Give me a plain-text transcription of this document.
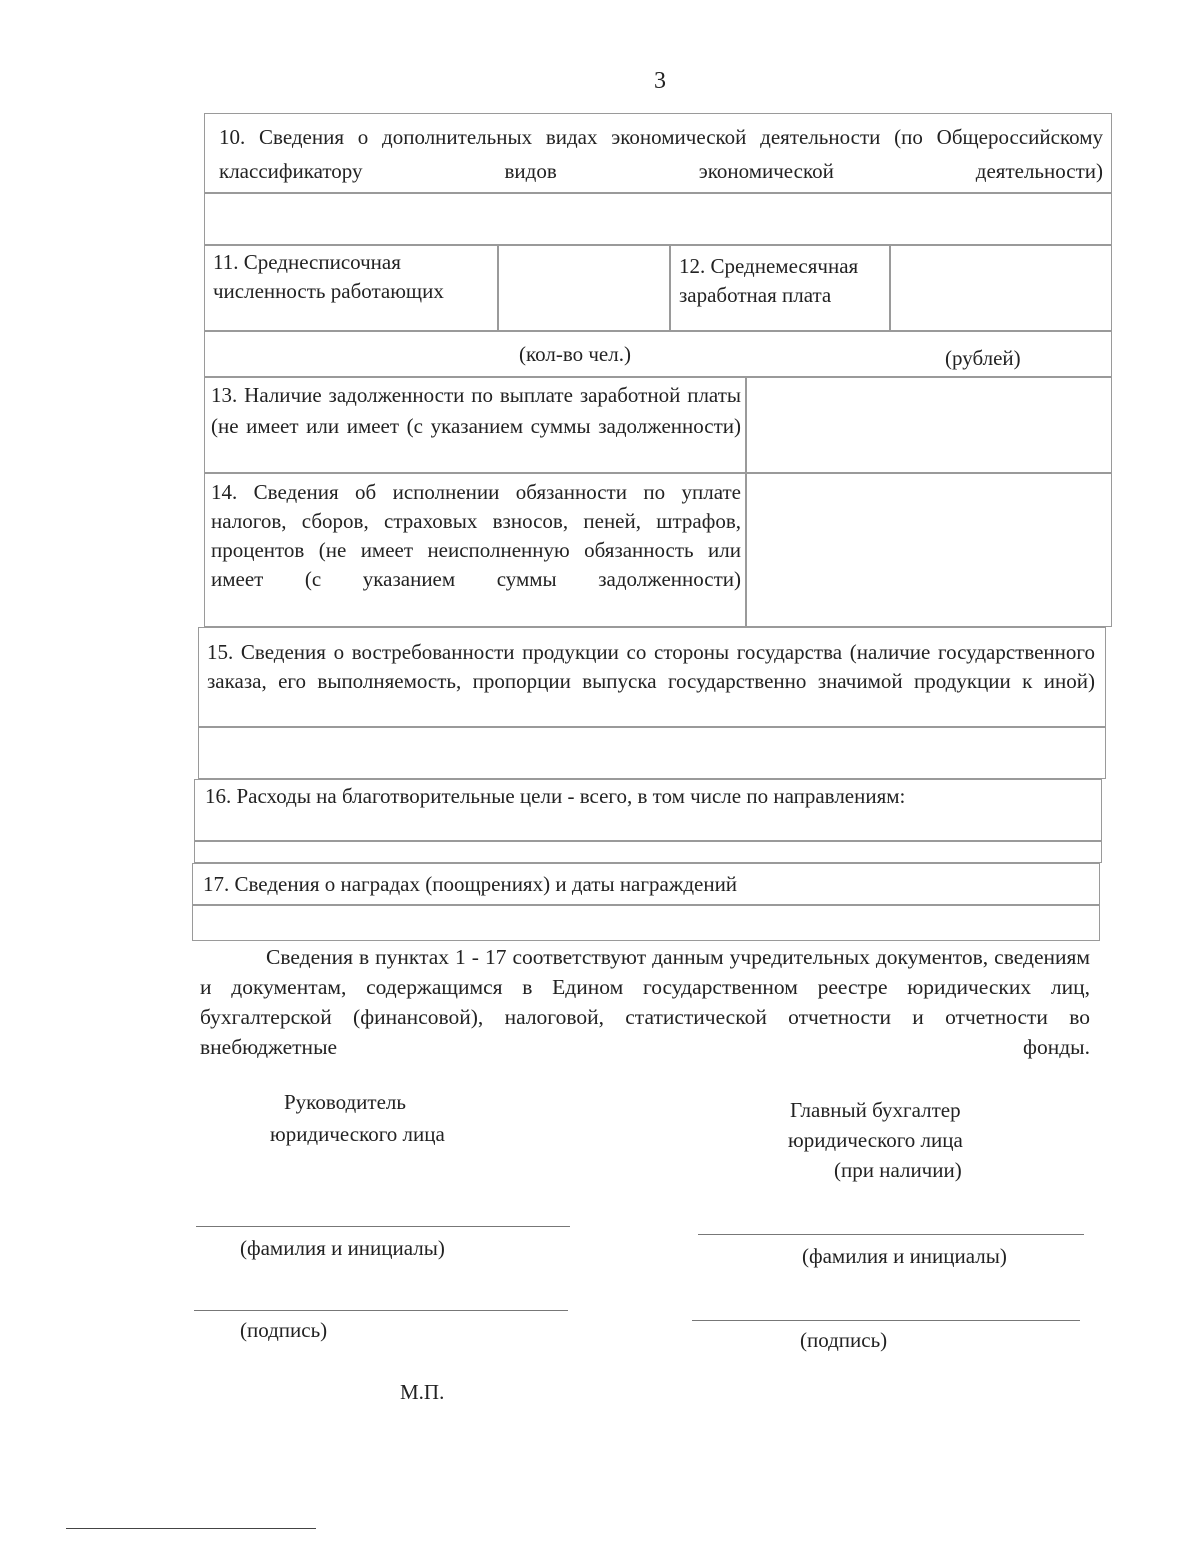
3
10. Сведения о дополнительных видах экономической деятельности (по Общероссийскому классификатору видов экономической деятельности)
11. Среднесписочная численность работающих
12. Среднемесячная заработная плата
(кол-во чел.)	(рублей)
13. Наличие задолженности по выплате заработной платы (не имеет или имеет (с указанием суммы задолженности)
14. Сведения об исполнении обязанности по уплате налогов, сборов, страховых взносов, пеней, штрафов, процентов (не имеет неисполненную обязанность или имеет (с указанием суммы задолженности)
15. Сведения о востребованности продукции со стороны государства (наличие государственного заказа, его выполняемость, пропорции выпуска государственно значимой продукции к иной)
16. Расходы на благотворительные цели - всего, в том числе по направлениям:
17. Сведения о наградах (поощрениях) и даты награждений
Сведения в пунктах 1 - 17 соответствуют данным учредительных документов, сведениям и документам, содержащимся в Едином государственном реестре юридических лиц, бухгалтерской (финансовой), налоговой, статистической отчетности и отчетности во внебюджетные фонды.
Руководитель
юридического лица
Главный бухгалтер
юридического лица
(при наличии)
(фамилия и инициалы)	(фамилия и инициалы)
(подпись)	(подпись)
М.П.
